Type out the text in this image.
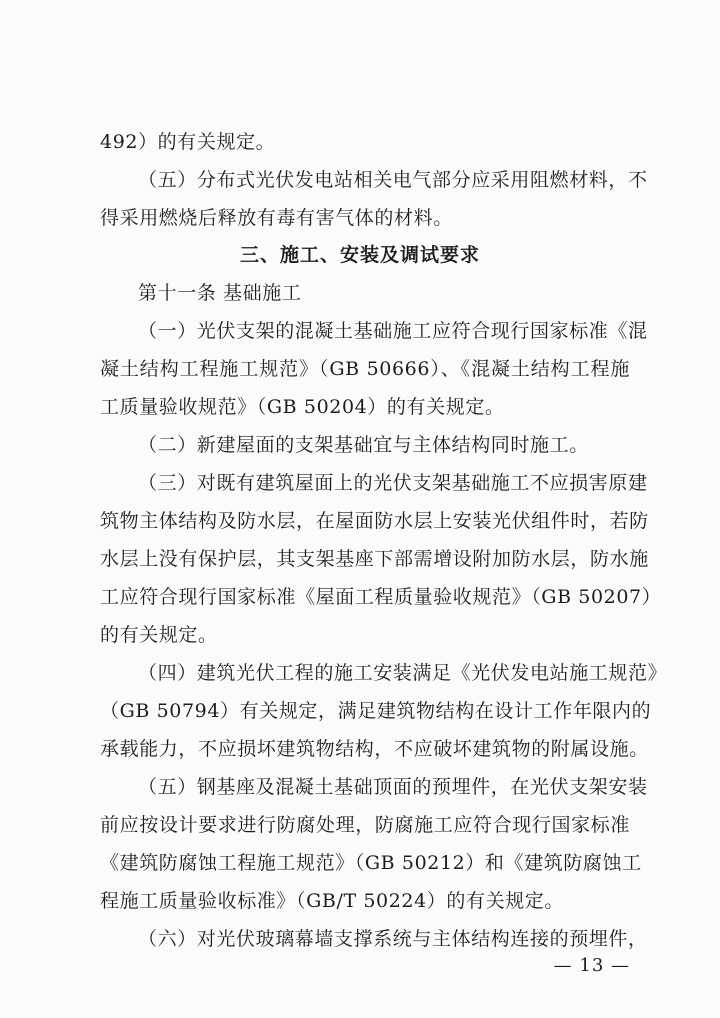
492）的有关规定。
（五）分布式光伏发电站相关电气部分应采用阻燃材料，不
得采用燃烧后释放有毒有害气体的材料。
三、施工、安装及调试要求
第十一条 基础施工
（一）光伏支架的混凝土基础施工应符合现行国家标准《混
凝土结构工程施工规范》（GB 50666）、《混凝土结构工程施
工质量验收规范》（GB 50204）的有关规定。
（二）新建屋面的支架基础宜与主体结构同时施工。
（三）对既有建筑屋面上的光伏支架基础施工不应损害原建
筑物主体结构及防水层，在屋面防水层上安装光伏组件时，若防
水层上没有保护层，其支架基座下部需增设附加防水层，防水施
工应符合现行国家标准《屋面工程质量验收规范》（GB 50207）
的有关规定。
（四）建筑光伏工程的施工安装满足《光伏发电站施工规范》
（GB 50794）有关规定，满足建筑物结构在设计工作年限内的
承载能力，不应损坏建筑物结构，不应破坏建筑物的附属设施。
（五）钢基座及混凝土基础顶面的预埋件，在光伏支架安装
前应按设计要求进行防腐处理，防腐施工应符合现行国家标准
《建筑防腐蚀工程施工规范》（GB 50212）和《建筑防腐蚀工
程施工质量验收标准》（GB/T 50224）的有关规定。
（六）对光伏玻璃幕墙支撑系统与主体结构连接的预埋件，
— 13 —
